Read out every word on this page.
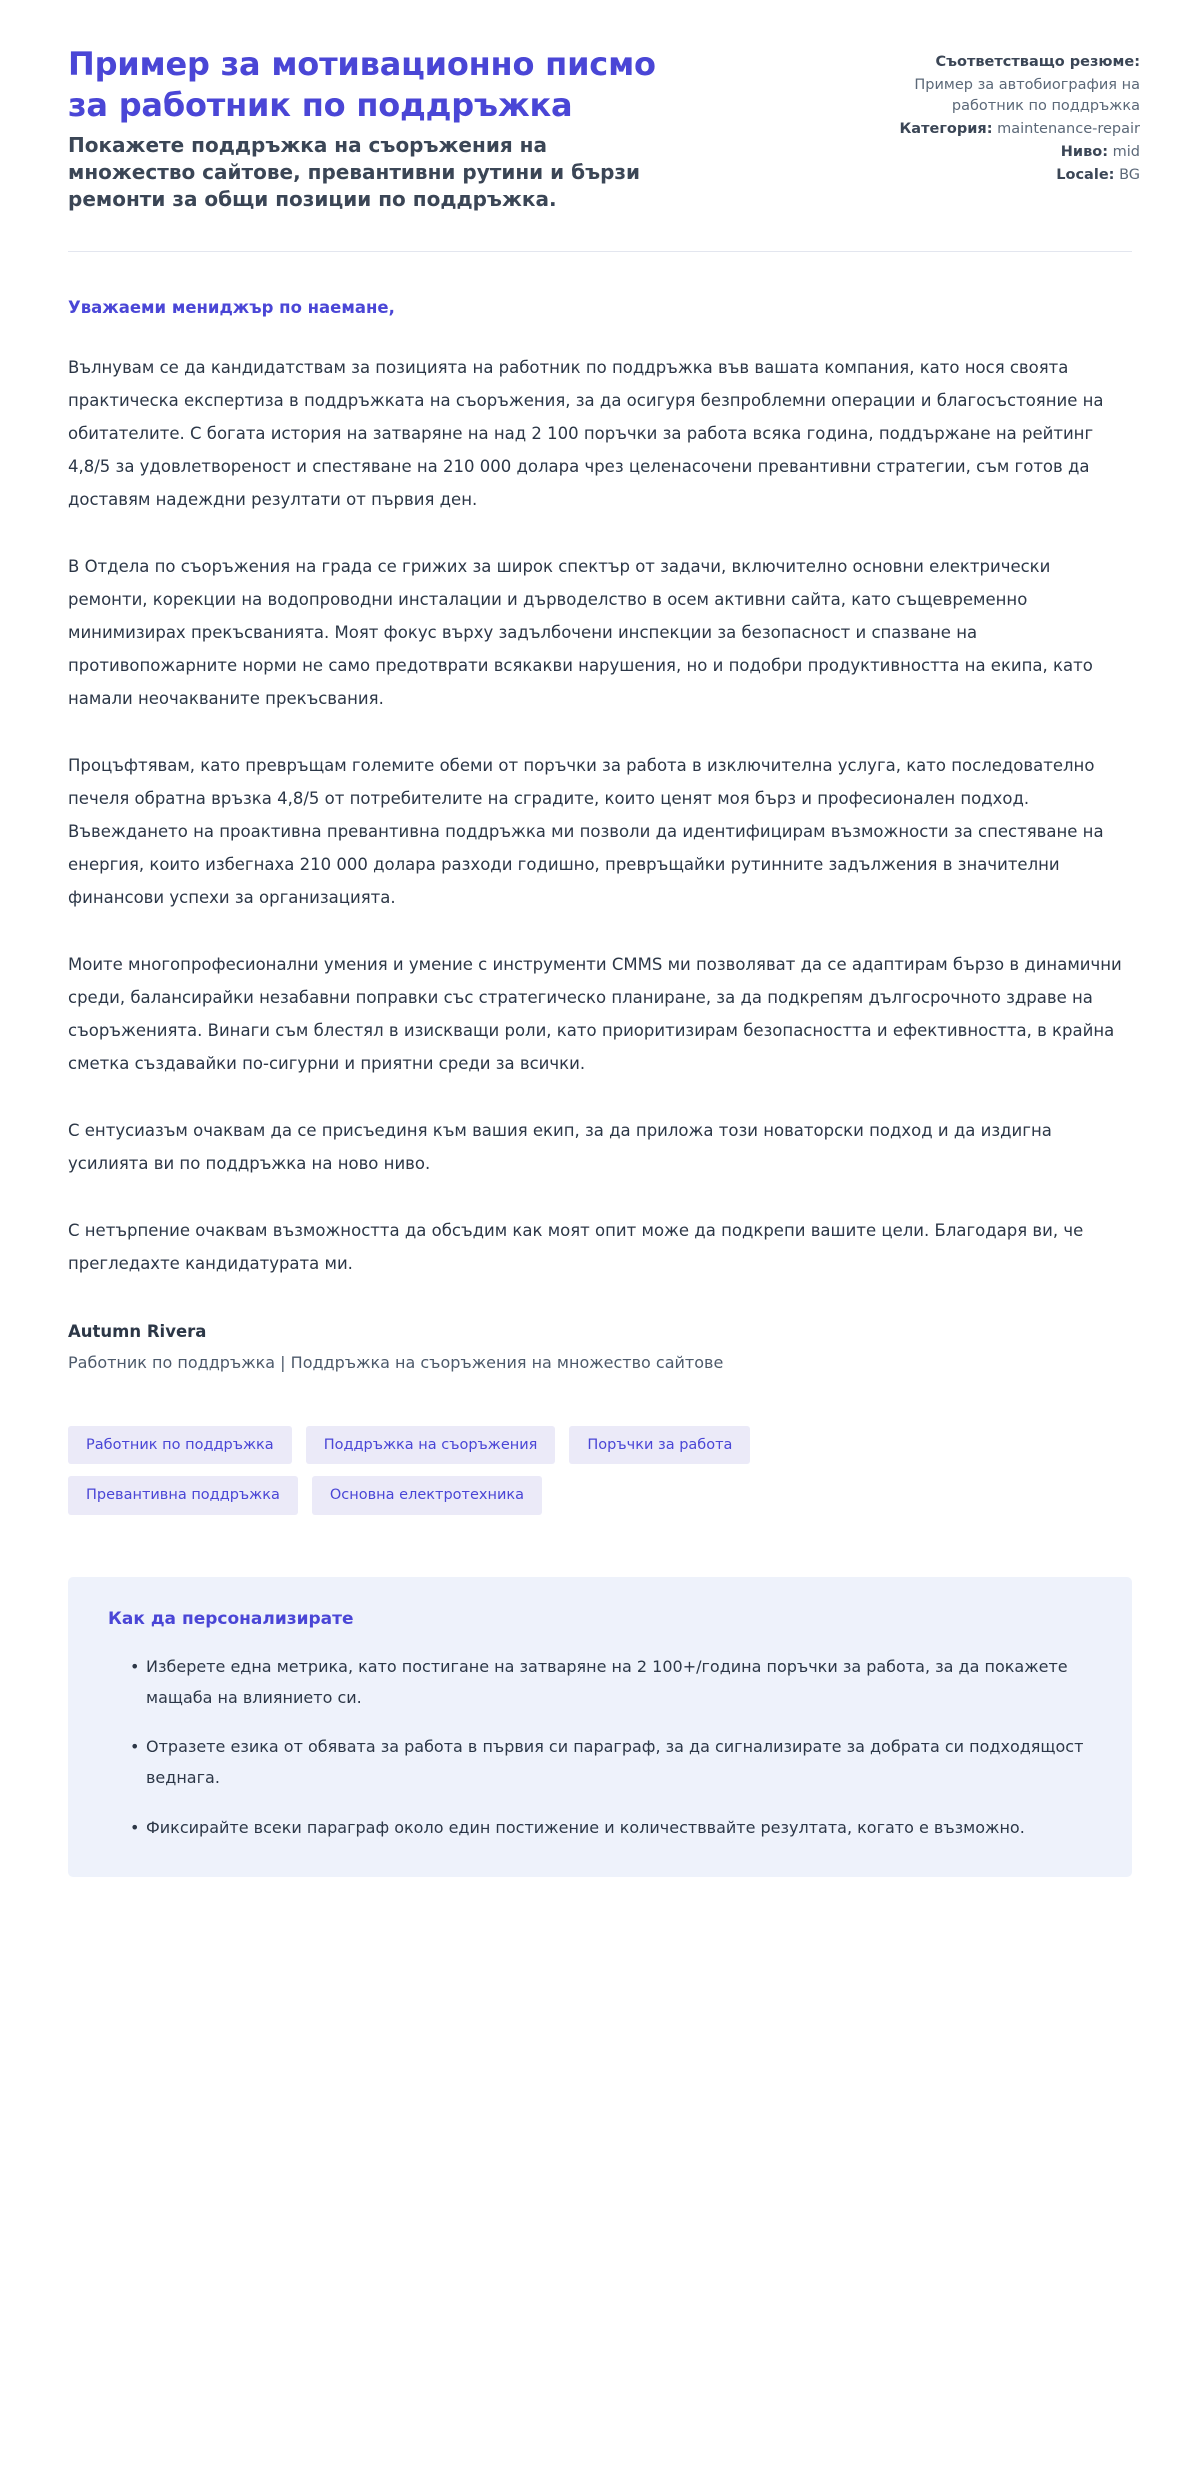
Пример за мотивационно писмо за работник по поддръжка

Покажете поддръжка на съоръжения на множество сайтове, превантивни рутини и бързи ремонти за общи позиции по поддръжка.

Съответстващо резюме:
Пример за автобиография на работник по поддръжка
Категория: maintenance-repair
Ниво: mid
Locale: BG

Уважаеми мениджър по наемане,

Вълнувам се да кандидатствам за позицията на работник по поддръжка във вашата компания, като нося своята практическа експертиза в поддръжката на съоръжения, за да осигуря безпроблемни операции и благосъстояние на обитателите. С богата история на затваряне на над 2 100 поръчки за работа всяка година, поддържане на рейтинг 4,8/5 за удовлетвореност и спестяване на 210 000 долара чрез целенасочени превантивни стратегии, съм готов да доставям надеждни резултати от първия ден.

В Отдела по съоръжения на града се грижих за широк спектър от задачи, включително основни електрически ремонти, корекции на водопроводни инсталации и дърводелство в осем активни сайта, като същевременно минимизирах прекъсванията. Моят фокус върху задълбочени инспекции за безопасност и спазване на противопожарните норми не само предотврати всякакви нарушения, но и подобри продуктивността на екипа, като намали неочакваните прекъсвания.

Процъфтявам, като превръщам големите обеми от поръчки за работа в изключителна услуга, като последователно печеля обратна връзка 4,8/5 от потребителите на сградите, които ценят моя бърз и професионален подход. Въвеждането на проактивна превантивна поддръжка ми позволи да идентифицирам възможности за спестяване на енергия, които избегнаха 210 000 долара разходи годишно, превръщайки рутинните задължения в значителни финансови успехи за организацията.

Моите многопрофесионални умения и умение с инструменти CMMS ми позволяват да се адаптирам бързо в динамични среди, балансирайки незабавни поправки със стратегическо планиране, за да подкрепям дългосрочното здраве на съоръженията. Винаги съм блестял в изискващи роли, като приоритизирам безопасността и ефективността, в крайна сметка създавайки по-сигурни и приятни среди за всички.

С ентусиазъм очаквам да се присъединя към вашия екип, за да приложа този новаторски подход и да издигна усилията ви по поддръжка на ново ниво.

С нетърпение очаквам възможността да обсъдим как моят опит може да подкрепи вашите цели. Благодаря ви, че прегледахте кандидатурата ми.

Autumn Rivera

Работник по поддръжка | Поддръжка на съоръжения на множество сайтове

Работник по поддръжка	Поддръжка на съоръжения	Поръчки за работа
Превантивна поддръжка	Основна електротехника
Как да персонализирате
• Изберете една метрика, като постигане на затваряне на 2 100+/година поръчки за работа, за да покажете мащаба на влиянието си.
• Отразете езика от обявата за работа в първия си параграф, за да сигнализирате за добрата си подходящост веднага.
• Фиксирайте всеки параграф около един постижение и количестввайте резултата, когато е възможно.
